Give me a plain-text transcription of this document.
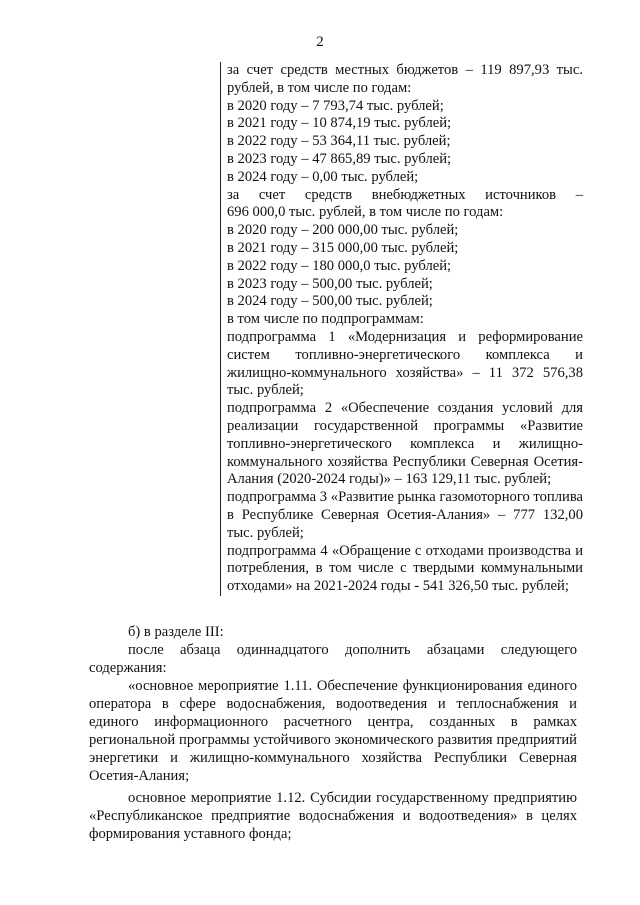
2
за счет средств местных бюджетов – 119 897,93 тыс.
рублей, в том числе по годам:
в 2020 году – 7 793,74 тыс. рублей;
в 2021 году – 10 874,19 тыс. рублей;
в 2022 году – 53 364,11 тыс. рублей;
в 2023 году – 47 865,89 тыс. рублей;
в 2024 году – 0,00 тыс. рублей;
за счет средств внебюджетных источников –
696 000,0 тыс. рублей, в том числе по годам:
в 2020 году – 200 000,00 тыс. рублей;
в 2021 году – 315 000,00 тыс. рублей;
в 2022 году – 180 000,0 тыс. рублей;
в 2023 году – 500,00 тыс. рублей;
в 2024 году – 500,00 тыс. рублей;
в том числе по подпрограммам:
подпрограмма 1 «Модернизация и реформирование систем топливно-энергетического комплекса и жилищно-коммунального хозяйства» – 11 372 576,38 тыс. рублей;
подпрограмма 2 «Обеспечение создания условий для реализации государственной программы «Развитие топливно-энергетического комплекса и жилищно-коммунального хозяйства Республики Северная Осетия-Алания (2020-2024 годы)» – 163 129,11 тыс. рублей;
подпрограмма 3 «Развитие рынка газомоторного топлива в Республике Северная Осетия-Алания» – 777 132,00 тыс. рублей;
подпрограмма 4 «Обращение с отходами производства и потребления, в том числе с твердыми коммунальными отходами» на 2021-2024 годы - 541 326,50 тыс. рублей;
б) в разделе III:
после абзаца одиннадцатого дополнить абзацами следующего содержания:
«основное мероприятие 1.11. Обеспечение функционирования единого оператора в сфере водоснабжения, водоотведения и теплоснабжения и единого информационного расчетного центра, созданных в рамках региональной программы устойчивого экономического развития предприятий энергетики и жилищно-коммунального хозяйства Республики Северная Осетия-Алания;
основное мероприятие 1.12. Субсидии государственному предприятию «Республиканское предприятие водоснабжения и водоотведения» в целях формирования уставного фонда;
